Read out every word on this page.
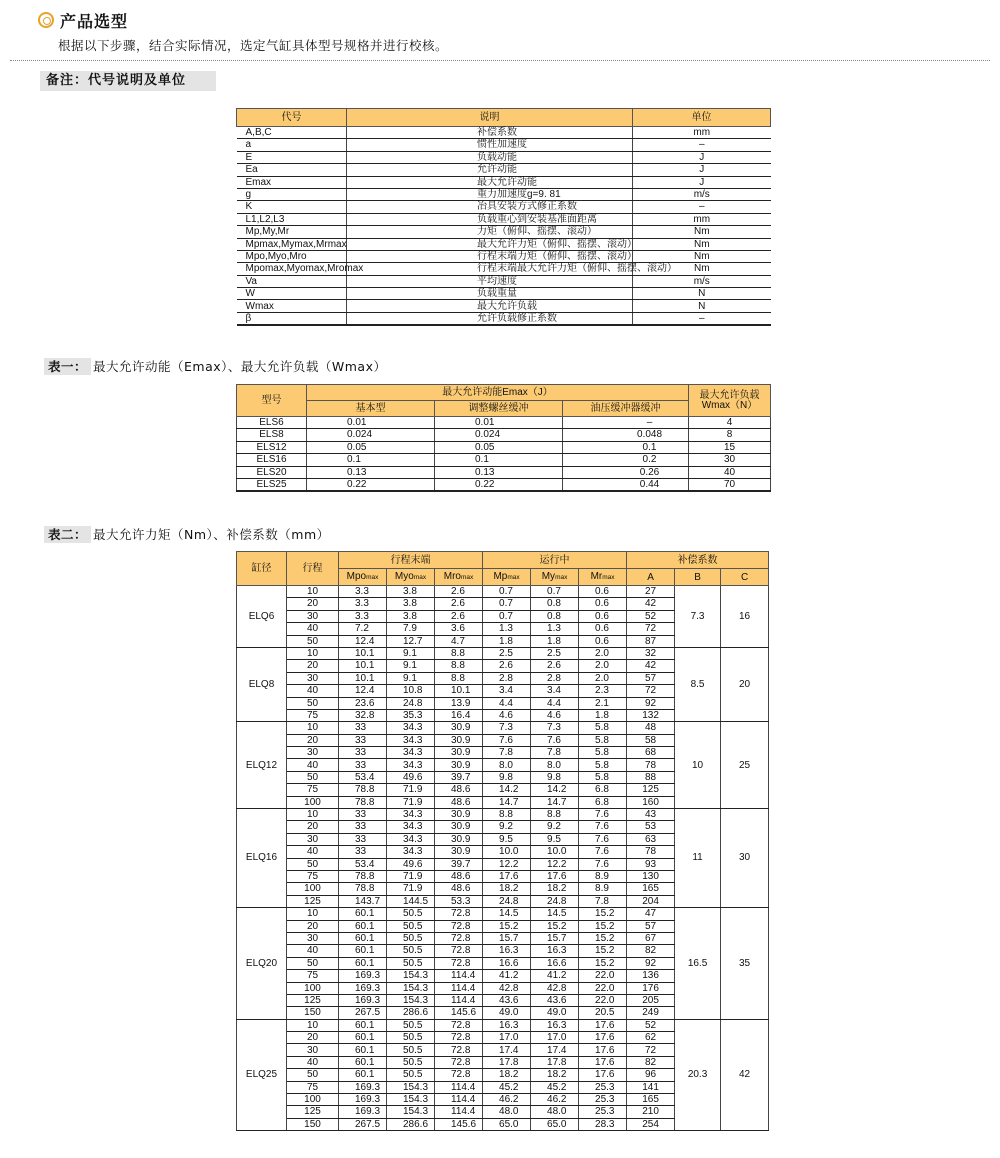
产品选型
根据以下步骤，结合实际情况，选定气缸具体型号规格并进行校核。
备注：代号说明及单位
代号	说明	单位
A,B,C	补偿系数	mm
a	惯性加速度	–
E	负载动能	J
Ea	允许动能	J
Emax	最大允许动能	J
g	重力加速度g=9. 81	m/s
K	冶具安装方式修正系数	–
L1,L2,L3	负载重心到安装基准面距离	mm
Mp,My,Mr	力矩（俯仰、摇摆、滚动）	Nm
Mpmax,Mymax,Mrmax	最大允许力矩（俯仰、摇摆、滚动）	Nm
Mpo,Myo,Mro	行程末端力矩（俯仰、摇摆、滚动）	Nm
Mpomax,Myomax,Mromax	行程末端最大允许力矩（俯仰、摇摆、滚动）	Nm
Va	平均速度	m/s
W	负载重量	N
Wmax	最大允许负载	N
β	允许负载修正系数	–
表一： 最大允许动能（Emax）、最大允许负载（Wmax）
型号	最大允许动能Emax（J）			最大允许负载Wmax（N）
	基本型	调整螺丝缓冲	油压缓冲器缓冲	
ELS6	0.01	0.01	–	4
ELS8	0.024	0.024	0.048	8
ELS12	0.05	0.05	0.1	15
ELS16	0.1	0.1	0.2	30
ELS20	0.13	0.13	0.26	40
ELS25	0.22	0.22	0.44	70
表二： 最大允许力矩（Nm）、补偿系数（mm）
缸径	行程	行程末端			运行中			补偿系数		
		Mpomax	Myomax	Mromax	Mpmax	Mymax	Mrmax	A	B	C
ELQ6	10	3.3	3.8	2.6	0.7	0.7	0.6	27	7.3	16
	20	3.3	3.8	2.6	0.7	0.8	0.6	42		
	30	3.3	3.8	2.6	0.7	0.8	0.6	52		
	40	7.2	7.9	3.6	1.3	1.3	0.6	72		
	50	12.4	12.7	4.7	1.8	1.8	0.6	87		
ELQ8	10	10.1	9.1	8.8	2.5	2.5	2.0	32	8.5	20
	20	10.1	9.1	8.8	2.6	2.6	2.0	42		
	30	10.1	9.1	8.8	2.8	2.8	2.0	57		
	40	12.4	10.8	10.1	3.4	3.4	2.3	72		
	50	23.6	24.8	13.9	4.4	4.4	2.1	92		
	75	32.8	35.3	16.4	4.6	4.6	1.8	132		
ELQ12	10	33	34.3	30.9	7.3	7.3	5.8	48	10	25
	20	33	34.3	30.9	7.6	7.6	5.8	58		
	30	33	34.3	30.9	7.8	7.8	5.8	68		
	40	33	34.3	30.9	8.0	8.0	5.8	78		
	50	53.4	49.6	39.7	9.8	9.8	5.8	88		
	75	78.8	71.9	48.6	14.2	14.2	6.8	125		
	100	78.8	71.9	48.6	14.7	14.7	6.8	160		
ELQ16	10	33	34.3	30.9	8.8	8.8	7.6	43	11	30
	20	33	34.3	30.9	9.2	9.2	7.6	53		
	30	33	34.3	30.9	9.5	9.5	7.6	63		
	40	33	34.3	30.9	10.0	10.0	7.6	78		
	50	53.4	49.6	39.7	12.2	12.2	7.6	93		
	75	78.8	71.9	48.6	17.6	17.6	8.9	130		
	100	78.8	71.9	48.6	18.2	18.2	8.9	165		
	125	143.7	144.5	53.3	24.8	24.8	7.8	204		
ELQ20	10	60.1	50.5	72.8	14.5	14.5	15.2	47	16.5	35
	20	60.1	50.5	72.8	15.2	15.2	15.2	57		
	30	60.1	50.5	72.8	15.7	15.7	15.2	67		
	40	60.1	50.5	72.8	16.3	16.3	15.2	82		
	50	60.1	50.5	72.8	16.6	16.6	15.2	92		
	75	169.3	154.3	114.4	41.2	41.2	22.0	136		
	100	169.3	154.3	114.4	42.8	42.8	22.0	176		
	125	169.3	154.3	114.4	43.6	43.6	22.0	205		
	150	267.5	286.6	145.6	49.0	49.0	20.5	249		
ELQ25	10	60.1	50.5	72.8	16.3	16.3	17.6	52	20.3	42
	20	60.1	50.5	72.8	17.0	17.0	17.6	62		
	30	60.1	50.5	72.8	17.4	17.4	17.6	72		
	40	60.1	50.5	72.8	17.8	17.8	17.6	82		
	50	60.1	50.5	72.8	18.2	18.2	17.6	96		
	75	169.3	154.3	114.4	45.2	45.2	25.3	141		
	100	169.3	154.3	114.4	46.2	46.2	25.3	165		
	125	169.3	154.3	114.4	48.0	48.0	25.3	210		
	150	267.5	286.6	145.6	65.0	65.0	28.3	254		
